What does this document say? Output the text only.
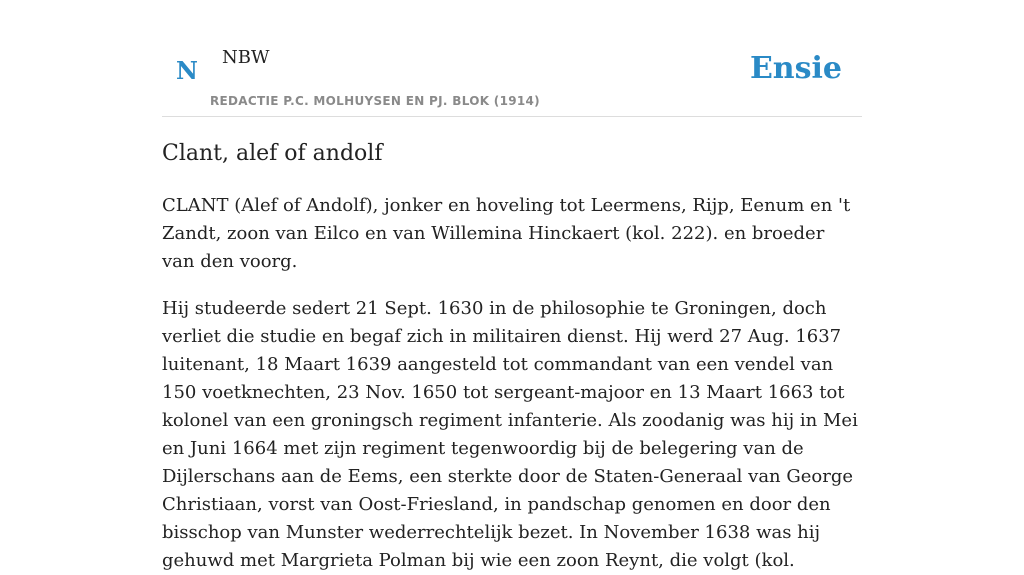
N NBW
REDACTIE P.C. MOLHUYSEN EN PJ. BLOK (1914)
Ensie
Clant, alef of andolf

CLANT (Alef of Andolf), jonker en hoveling tot Leermens, Rijp, Eenum en 't Zandt, zoon van Eilco en van Willemina Hinckaert (kol. 222). en broeder van den voorg.

Hij studeerde sedert 21 Sept. 1630 in de philosophie te Groningen, doch verliet die studie en begaf zich in militairen dienst. Hij werd 27 Aug. 1637 luitenant, 18 Maart 1639 aangesteld tot commandant van een vendel van 150 voetknechten, 23 Nov. 1650 tot sergeant-majoor en 13 Maart 1663 tot kolonel van een groningsch regiment infanterie. Als zoodanig was hij in Mei en Juni 1664 met zijn regiment tegenwoordig bij de belegering van de Dijlerschans aan de Eems, een sterkte door de Staten-Generaal van George Christiaan, vorst van Oost-Friesland, in pandschap genomen en door den bisschop van Munster wederrechtelijk bezet. In November 1638 was hij gehuwd met Margrieta Polman bij wie een zoon Reynt, die volgt (kol.
